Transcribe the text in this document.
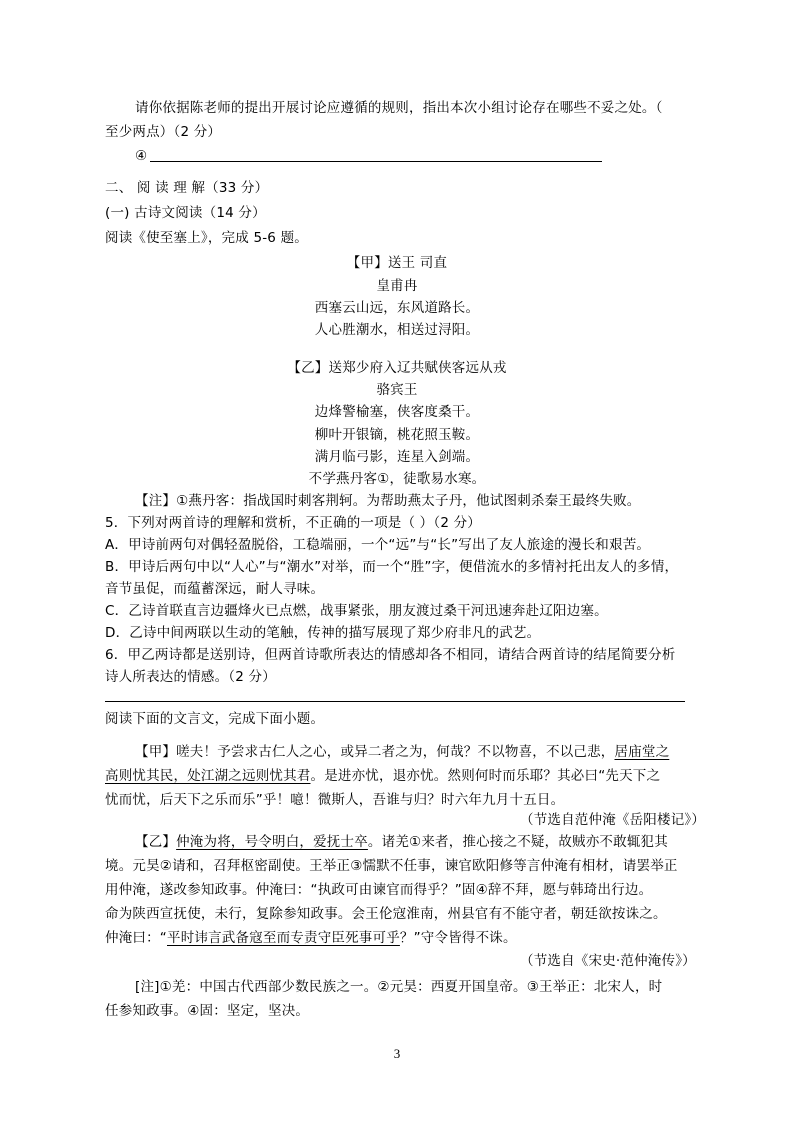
请你依据陈老师的提出开展讨论应遵循的规则，指出本次小组讨论存在哪些不妥之处。（
至少两点）（2 分）
④
二、 阅 读 理 解（33 分）
(一) 古诗文阅读（14 分）
阅读《使至塞上》，完成 5-6 题。
【甲】送王 司直
皇甫冉
西塞云山远，东风道路长。
人心胜潮水，相送过浔阳。
【乙】送郑少府入辽共赋侠客远从戎
骆宾王
边烽警榆塞，侠客度桑干。
柳叶开银镝，桃花照玉鞍。
满月临弓影，连星入剑端。
不学燕丹客①，徒歌易水寒。
【注】①燕丹客：指战国时刺客荆轲。为帮助燕太子丹，他试图刺杀秦王最终失败。
5．下列对两首诗的理解和赏析，不正确的一项是（ ）（2 分）
A．甲诗前两句对偶轻盈脱俗，工稳端丽，一个“远”与“长”写出了友人旅途的漫长和艰苦。
B．甲诗后两句中以“人心”与“潮水”对举，而一个“胜”字，便借流水的多情衬托出友人的多情，
音节虽促，而蕴蓄深远，耐人寻味。
C．乙诗首联直言边疆烽火已点燃，战事紧张，朋友渡过桑干河迅速奔赴辽阳边塞。
D．乙诗中间两联以生动的笔触，传神的描写展现了郑少府非凡的武艺。
6．甲乙两诗都是送别诗，但两首诗歌所表达的情感却各不相同，请结合两首诗的结尾简要分析
诗人所表达的情感。（2 分）
阅读下面的文言文，完成下面小题。
【甲】嗟夫！予尝求古仁人之心，或异二者之为，何哉？不以物喜，不以己悲，居庙堂之
高则忧其民，处江湖之远则忧其君。是进亦忧，退亦忧。然则何时而乐耶？其必曰“先天下之
忧而忧，后天下之乐而乐”乎！噫！微斯人，吾谁与归？时六年九月十五日。
（节选自范仲淹《岳阳楼记》）
【乙】仲淹为将，号令明白，爱抚士卒。诸羌①来者，推心接之不疑，故贼亦不敢辄犯其
境。元昊②请和，召拜枢密副使。王举正③懦默不任事，谏官欧阳修等言仲淹有相材，请罢举正
用仲淹，遂改参知政事。仲淹曰：“执政可由谏官而得乎？”固④辞不拜，愿与韩琦出行边。
命为陕西宣抚使，未行，复除参知政事。会王伦寇淮南，州县官有不能守者，朝廷欲按诛之。
仲淹曰：“平时讳言武备寇至而专责守臣死事可乎？”守令皆得不诛。
（节选自《宋史·范仲淹传》）
[注]①羌：中国古代西部少数民族之一。②元昊：西夏开国皇帝。③王举正：北宋人，时
任参知政事。④固：坚定，坚决。
3
